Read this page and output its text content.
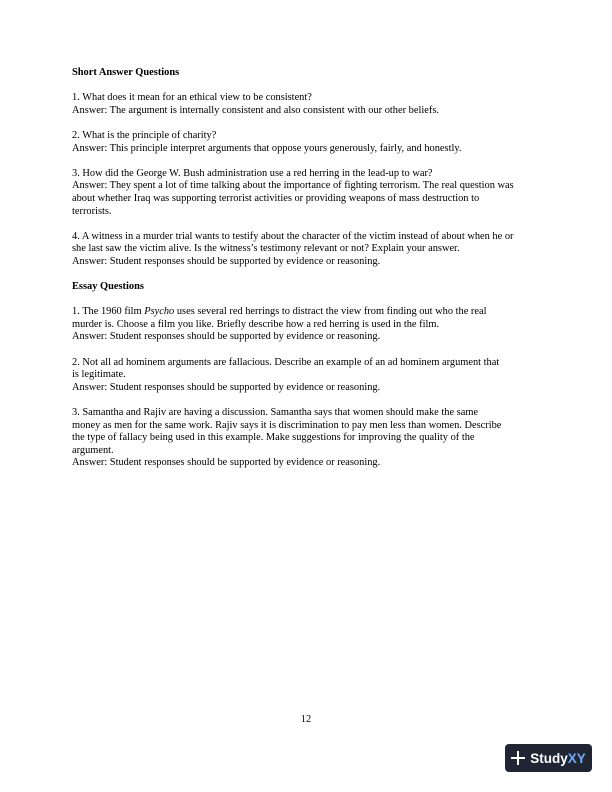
Short Answer Questions
1. What does it mean for an ethical view to be consistent?
Answer: The argument is internally consistent and also consistent with our other beliefs.
2. What is the principle of charity?
Answer: This principle interpret arguments that oppose yours generously, fairly, and honestly.
3. How did the George W. Bush administration use a red herring in the lead-up to war?
Answer: They spent a lot of time talking about the importance of fighting terrorism. The real question was
about whether Iraq was supporting terrorist activities or providing weapons of mass destruction to
terrorists.
4. A witness in a murder trial wants to testify about the character of the victim instead of about when he or
she last saw the victim alive. Is the witness’s testimony relevant or not? Explain your answer.
Answer: Student responses should be supported by evidence or reasoning.
Essay Questions
1. The 1960 film Psycho uses several red herrings to distract the view from finding out who the real
murder is. Choose a film you like. Briefly describe how a red herring is used in the film.
Answer: Student responses should be supported by evidence or reasoning.
2. Not all ad hominem arguments are fallacious. Describe an example of an ad hominem argument that
is legitimate.
Answer: Student responses should be supported by evidence or reasoning.
3. Samantha and Rajiv are having a discussion. Samantha says that women should make the same
money as men for the same work. Rajiv says it is discrimination to pay men less than women. Describe
the type of fallacy being used in this example. Make suggestions for improving the quality of the
argument.
Answer: Student responses should be supported by evidence or reasoning.
12
Study XY
